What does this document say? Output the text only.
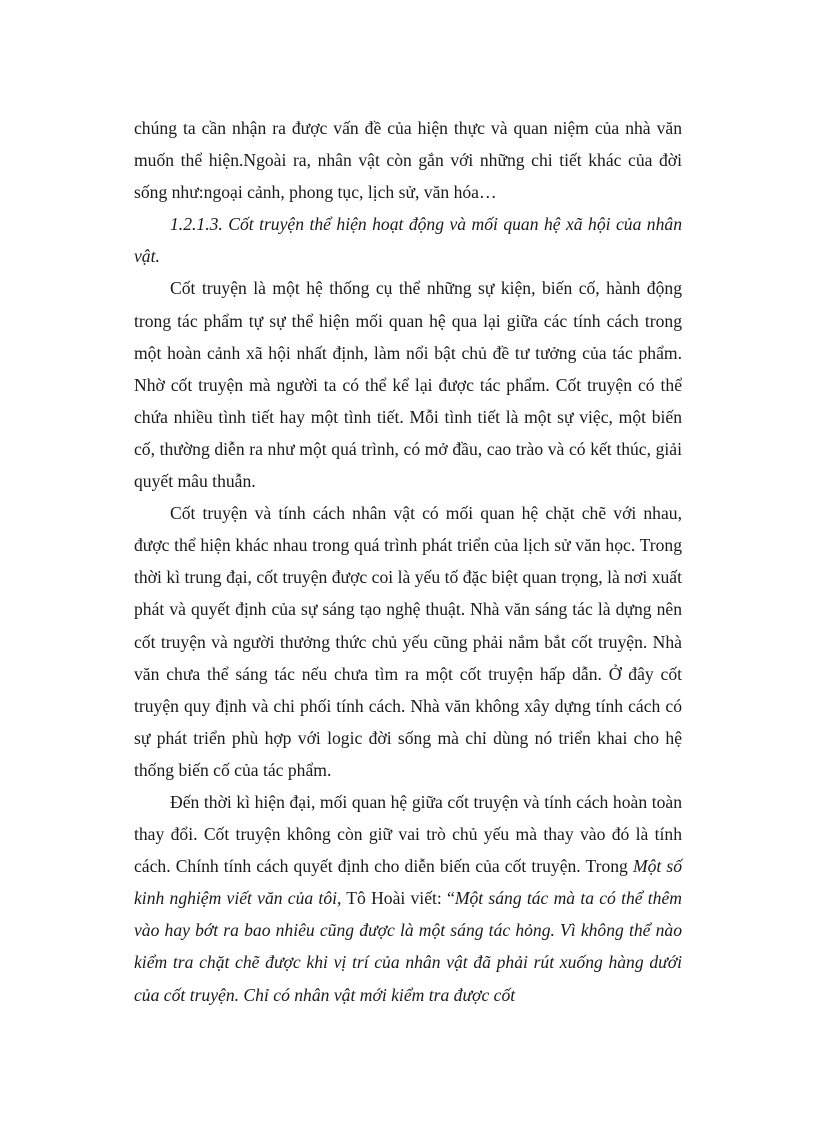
chúng ta cần nhận ra được vấn đề của hiện thực và quan niệm của nhà văn muốn thể hiện.Ngoài ra, nhân vật còn gắn với những chi tiết khác của đời sống như:ngoại cảnh, phong tục, lịch sử, văn hóa…

1.2.1.3. Cốt truyện thể hiện hoạt động và mối quan hệ xã hội của nhân vật.

Cốt truyện là một hệ thống cụ thể những sự kiện, biến cố, hành động trong tác phẩm tự sự thể hiện mối quan hệ qua lại giữa các tính cách trong một hoàn cảnh xã hội nhất định, làm nổi bật chủ đề tư tưởng của tác phẩm. Nhờ cốt truyện mà người ta có thể kể lại được tác phẩm. Cốt truyện có thể chứa nhiều tình tiết hay một tình tiết. Mỗi tình tiết là một sự việc, một biến cố, thường diễn ra như một quá trình, có mở đầu, cao trào và có kết thúc, giải quyết mâu thuẫn.

Cốt truyện và tính cách nhân vật có mối quan hệ chặt chẽ với nhau, được thể hiện khác nhau trong quá trình phát triển của lịch sử văn học. Trong thời kì trung đại, cốt truyện được coi là yếu tố đặc biệt quan trọng, là nơi xuất phát và quyết định của sự sáng tạo nghệ thuật. Nhà văn sáng tác là dựng nên cốt truyện và người thưởng thức chủ yếu cũng phải nắm bắt cốt truyện. Nhà văn chưa thể sáng tác nếu chưa tìm ra một cốt truyện hấp dẫn. Ở đây cốt truyện quy định và chi phối tính cách. Nhà văn không xây dựng tính cách có sự phát triển phù hợp với logic đời sống mà chỉ dùng nó triển khai cho hệ thống biến cố của tác phẩm.

Đến thời kì hiện đại, mối quan hệ giữa cốt truyện và tính cách hoàn toàn thay đổi. Cốt truyện không còn giữ vai trò chủ yếu mà thay vào đó là tính cách. Chính tính cách quyết định cho diễn biến của cốt truyện. Trong Một số kinh nghiệm viết văn của tôi, Tô Hoài viết: “Một sáng tác mà ta có thể thêm vào hay bớt ra bao nhiêu cũng được là một sáng tác hỏng. Vì không thể nào kiểm tra chặt chẽ được khi vị trí của nhân vật đã phải rút xuống hàng dưới của cốt truyện. Chỉ có nhân vật mới kiểm tra được cốt
